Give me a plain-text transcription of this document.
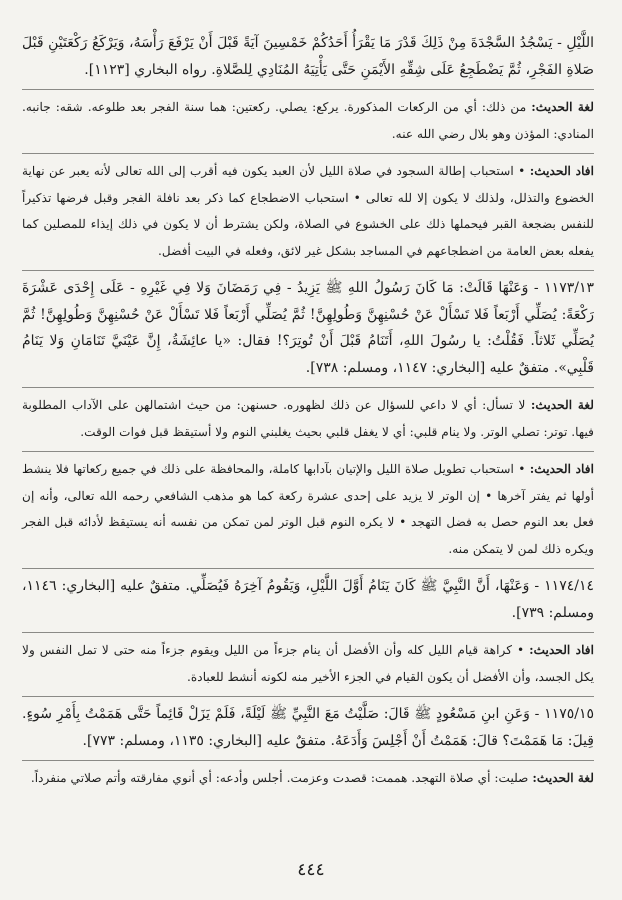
اللَّيْلِ - يَسْجُدُ السَّجْدَةَ مِنْ ذَلِكَ قَدْرَ مَا يَقْرَأُ أَحَدُكُمْ خَمْسِينَ آيَةً قَبْلَ أَنْ يَرْفَعَ رَأْسَهُ، وَيَرْكَعُ رَكْعَتَيْنِ قَبْلَ صَلاةِ الفَجْرِ، ثُمَّ يَضْطَجِعُ عَلَى شِقِّهِ الأَيْمَنِ حَتَّى يَأْتِيَهُ المُنَادِي لِلصَّلاةِ. رواه البخاري [١١٢٣].

لغة الحديث: من ذلك: أي من الركعات المذكورة. يركع: يصلي. ركعتين: هما سنة الفجر بعد طلوعه. شقه: جانبه. المنادي: المؤذن وهو بلال رضي الله عنه.

افاد الحديث: • استحباب إطالة السجود في صلاة الليل لأن العبد يكون فيه أقرب إلى الله تعالى لأنه يعبر عن نهاية الخضوع والتذلل، ولذلك لا يكون إلا لله تعالى • استحباب الاضطجاع كما ذكر بعد نافلة الفجر وقبل فرضها تذكيراً للنفس بضجعة القبر فيحملها ذلك على الخشوع في الصلاة، ولكن يشترط أن لا يكون في ذلك إيذاء للمصلين كما يفعله بعض العامة من اضطجاعهم في المساجد بشكل غير لائق، وفعله في البيت أفضل.

١١٧٣/١٣ - وَعَنْهَا قَالَتْ: مَا كَانَ رَسُولُ اللهِ ﷺ يَزِيدُ - فِي رَمَضَانَ وَلا فِي غَيْرِهِ - عَلَى إِحْدَى عَشْرَةَ رَكْعَةً: يُصَلِّي أَرْبَعاً فَلا تَسْأَلْ عَنْ حُسْنِهِنَّ وَطُولِهِنَّ! ثُمَّ يُصَلِّي أَرْبَعاً فَلا تَسْأَلْ عَنْ حُسْنِهِنَّ وَطُولِهِنَّ! ثُمَّ يُصَلِّي ثَلاثاً. فَقُلْتُ: يا رسُولَ اللهِ، أَتَنَامُ قَبْلَ أَنْ تُوتِرَ؟! فقال: «يا عائِشَةُ، إِنَّ عَيْنَيَّ تَنَامَانِ وَلا يَنَامُ قَلْبِي». متفقٌ عليه [البخاري: ١١٤٧، ومسلم: ٧٣٨].

لغة الحديث: لا تسأل: أي لا داعي للسؤال عن ذلك لظهوره. حسنهن: من حيث اشتمالهن على الآداب المطلوبة فيها. توتر: تصلي الوتر. ولا ينام قلبي: أي لا يغفل قلبي بحيث يغلبني النوم ولا أستيقظ قبل فوات الوقت.

افاد الحديث: • استحباب تطويل صلاة الليل والإتيان بآدابها كاملة، والمحافظة على ذلك في جميع ركعاتها فلا ينشط أولها ثم يفتر آخرها • إن الوتر لا يزيد على إحدى عشرة ركعة كما هو مذهب الشافعي رحمه الله تعالى، وأنه إن فعل بعد النوم حصل به فضل التهجد • لا يكره النوم قبل الوتر لمن تمكن من نفسه أنه يستيقظ لأدائه قبل الفجر ويكره ذلك لمن لا يتمكن منه.

١١٧٤/١٤ - وَعَنْهَا، أَنَّ النَّبِيَّ ﷺ كَانَ يَنَامُ أَوَّلَ اللَّيْلِ، وَيَقُومُ آخِرَهُ فَيُصَلِّي. متفقٌ عليه [البخاري: ١١٤٦، ومسلم: ٧٣٩].

افاد الحديث: • كراهة قيام الليل كله وأن الأفضل أن ينام جزءاً من الليل ويقوم جزءاً منه حتى لا تمل النفس ولا يكل الجسد، وأن الأفضل أن يكون القيام في الجزء الأخير منه لكونه أنشط للعبادة.

١١٧٥/١٥ - وَعَنِ ابنِ مَسْعُودٍ ﷺ قَالَ: صَلَّيْتُ مَعَ النَّبِيِّ ﷺ لَيْلَةً، فَلَمْ يَزَلْ قَائِماً حَتَّى هَمَمْتُ بِأَمْرِ سُوءٍ. قِيلَ: مَا هَمَمْتَ؟ قالَ: هَمَمْتُ أَنْ أَجْلِسَ وَأَدَعَهُ. متفقٌ عليه [البخاري: ١١٣٥، ومسلم: ٧٧٣].

لغة الحديث: صليت: أي صلاة التهجد. هممت: قصدت وعزمت. أجلس وأدعه: أي أنوي مفارقته وأتم صلاتي منفرداً.

٤٤٤
